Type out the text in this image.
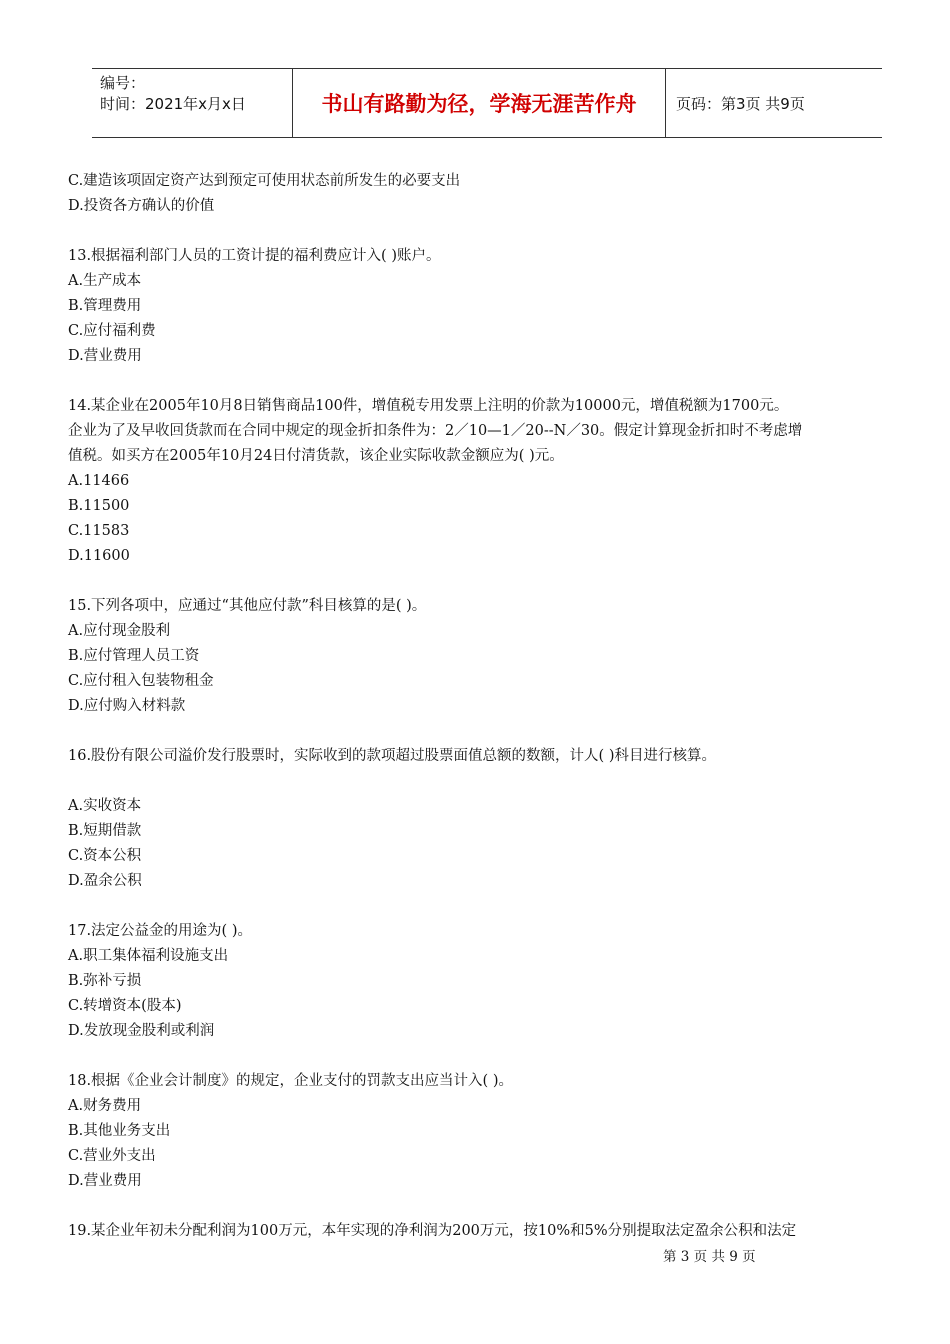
编号：
时间：2021年x月x日	书山有路勤为径，学海无涯苦作舟	页码：第3页 共9页
C.建造该项固定资产达到预定可使用状态前所发生的必要支出
D.投资各方确认的价值
13.根据福利部门人员的工资计提的福利费应计入( )账户。
A.生产成本
B.管理费用
C.应付福利费
D.营业费用
14.某企业在2005年10月8日销售商品100件，增值税专用发票上注明的价款为10000元，增值税额为1700元。
企业为了及早收回货款而在合同中规定的现金折扣条件为：2／10—1／20--N／30。假定计算现金折扣时不考虑增
值税。如买方在2005年10月24日付清货款，该企业实际收款金额应为( )元。
A.11466
B.11500
C.11583
D.11600
15.下列各项中，应通过“其他应付款”科目核算的是( )。
A.应付现金股利
B.应付管理人员工资
C.应付租入包装物租金
D.应付购入材料款
16.股份有限公司溢价发行股票时，实际收到的款项超过股票面值总额的数额，计人( )科目进行核算。
A.实收资本
B.短期借款
C.资本公积
D.盈余公积
17.法定公益金的用途为( )。
A.职工集体福利设施支出
B.弥补亏损
C.转增资本(股本)
D.发放现金股利或利润
18.根据《企业会计制度》的规定，企业支付的罚款支出应当计入( )。
A.财务费用
B.其他业务支出
C.营业外支出
D.营业费用
19.某企业年初未分配利润为100万元，本年实现的净利润为200万元，按10%和5%分别提取法定盈余公积和法定
第 3 页 共 9 页
